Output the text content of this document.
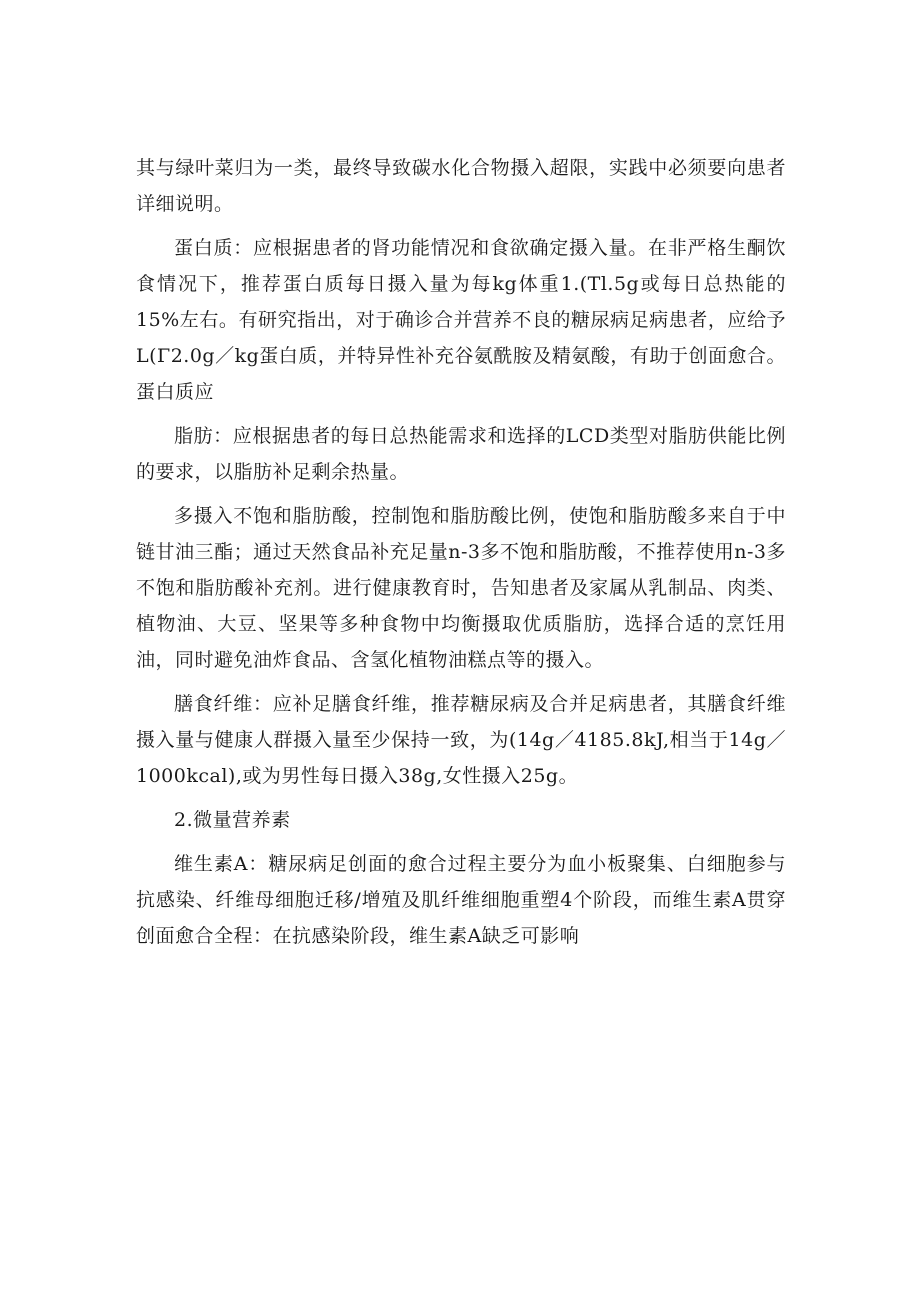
其与绿叶菜归为一类，最终导致碳水化合物摄入超限，实践中必须要向患者详细说明。

蛋白质：应根据患者的肾功能情况和食欲确定摄入量。在非严格生酮饮食情况下，推荐蛋白质每日摄入量为每kg体重1.(Tl.5g或每日总热能的15%左右。有研究指出，对于确诊合并营养不良的糖尿病足病患者，应给予L(Γ2.0g／kg蛋白质，并特异性补充谷氨酰胺及精氨酸，有助于创面愈合。蛋白质应

脂肪：应根据患者的每日总热能需求和选择的LCD类型对脂肪供能比例的要求，以脂肪补足剩余热量。

多摄入不饱和脂肪酸，控制饱和脂肪酸比例，使饱和脂肪酸多来自于中链甘油三酯；通过天然食品补充足量n-3多不饱和脂肪酸，不推荐使用n-3多不饱和脂肪酸补充剂。进行健康教育时，告知患者及家属从乳制品、肉类、植物油、大豆、坚果等多种食物中均衡摄取优质脂肪，选择合适的烹饪用油，同时避免油炸食品、含氢化植物油糕点等的摄入。

膳食纤维：应补足膳食纤维，推荐糖尿病及合并足病患者，其膳食纤维摄入量与健康人群摄入量至少保持一致，为(14g／4185.8kJ,相当于14g／1000kcal),或为男性每日摄入38g,女性摄入25g。

2.微量营养素

维生素A：糖尿病足创面的愈合过程主要分为血小板聚集、白细胞参与抗感染、纤维母细胞迁移/增殖及肌纤维细胞重塑4个阶段，而维生素A贯穿创面愈合全程：在抗感染阶段，维生素A缺乏可影响
